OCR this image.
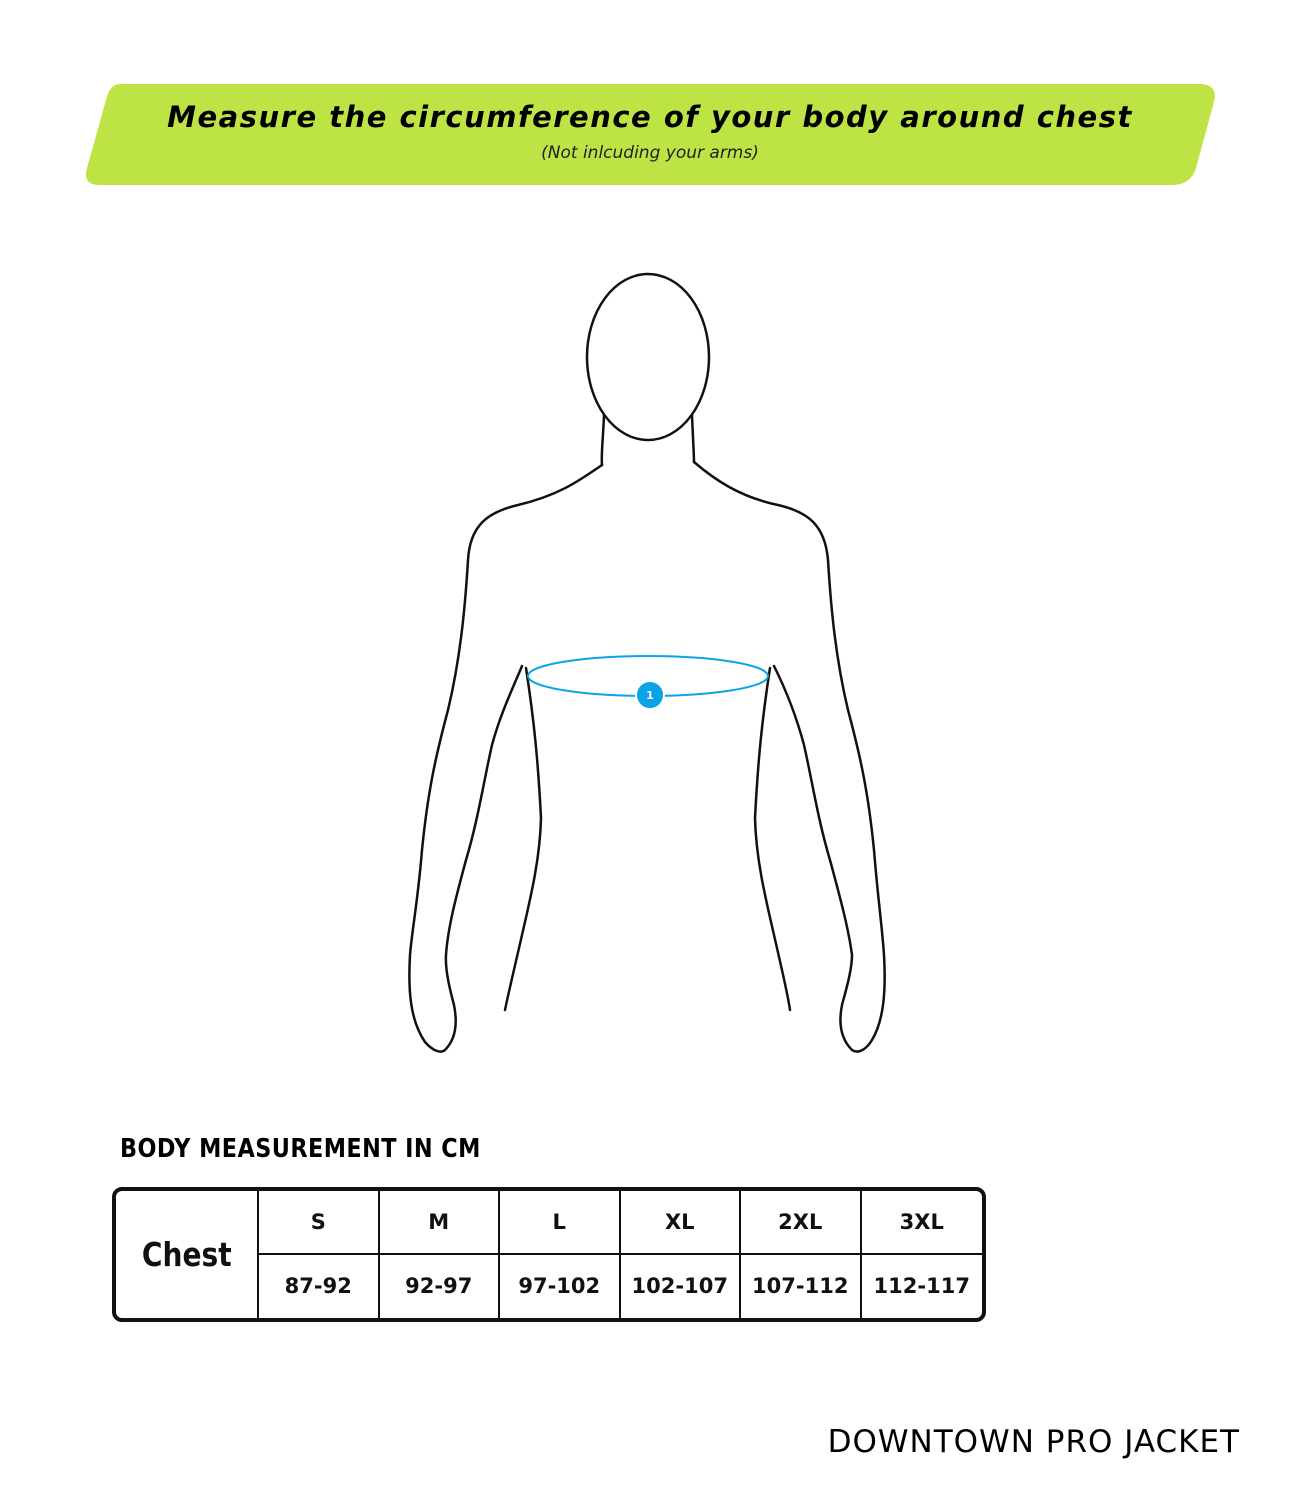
Measure the circumference of your body around chest
(Not inlcuding your arms)
1
BODY MEASUREMENT IN CM
Chest
S	M	L	XL	2XL	3XL
87-92	92-97	97-102	102-107	107-112	112-117
DOWNTOWN PRO JACKET
